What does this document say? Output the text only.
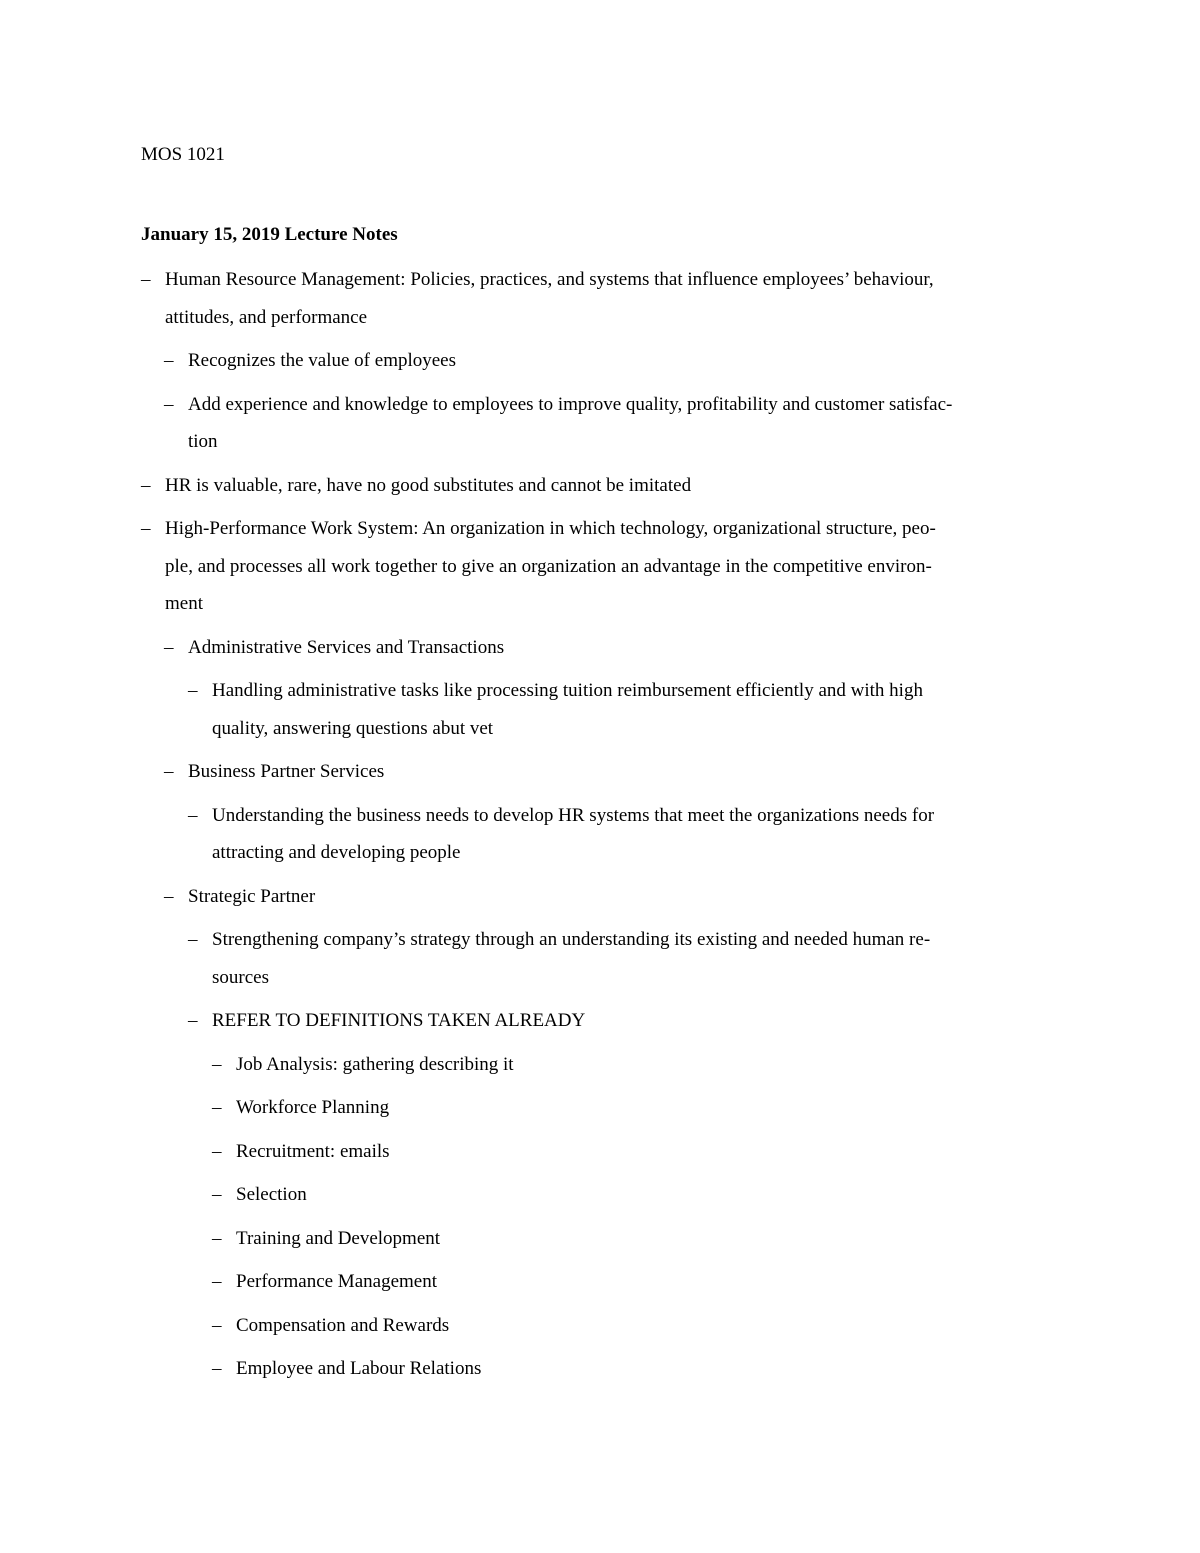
MOS 1021

January 15, 2019 Lecture Notes

– Human Resource Management: Policies, practices, and systems that influence employees’ behaviour,
attitudes, and performance
– Recognizes the value of employees
– Add experience and knowledge to employees to improve quality, profitability and customer satisfac-
tion
– HR is valuable, rare, have no good substitutes and cannot be imitated
– High-Performance Work System: An organization in which technology, organizational structure, peo-
ple, and processes all work together to give an organization an advantage in the competitive environ-
ment
– Administrative Services and Transactions
– Handling administrative tasks like processing tuition reimbursement efficiently and with high
quality, answering questions abut vet
– Business Partner Services
– Understanding the business needs to develop HR systems that meet the organizations needs for
attracting and developing people
– Strategic Partner
– Strengthening company’s strategy through an understanding its existing and needed human re-
sources
– REFER TO DEFINITIONS TAKEN ALREADY
– Job Analysis: gathering describing it
– Workforce Planning
– Recruitment: emails
– Selection
– Training and Development
– Performance Management
– Compensation and Rewards
– Employee and Labour Relations
